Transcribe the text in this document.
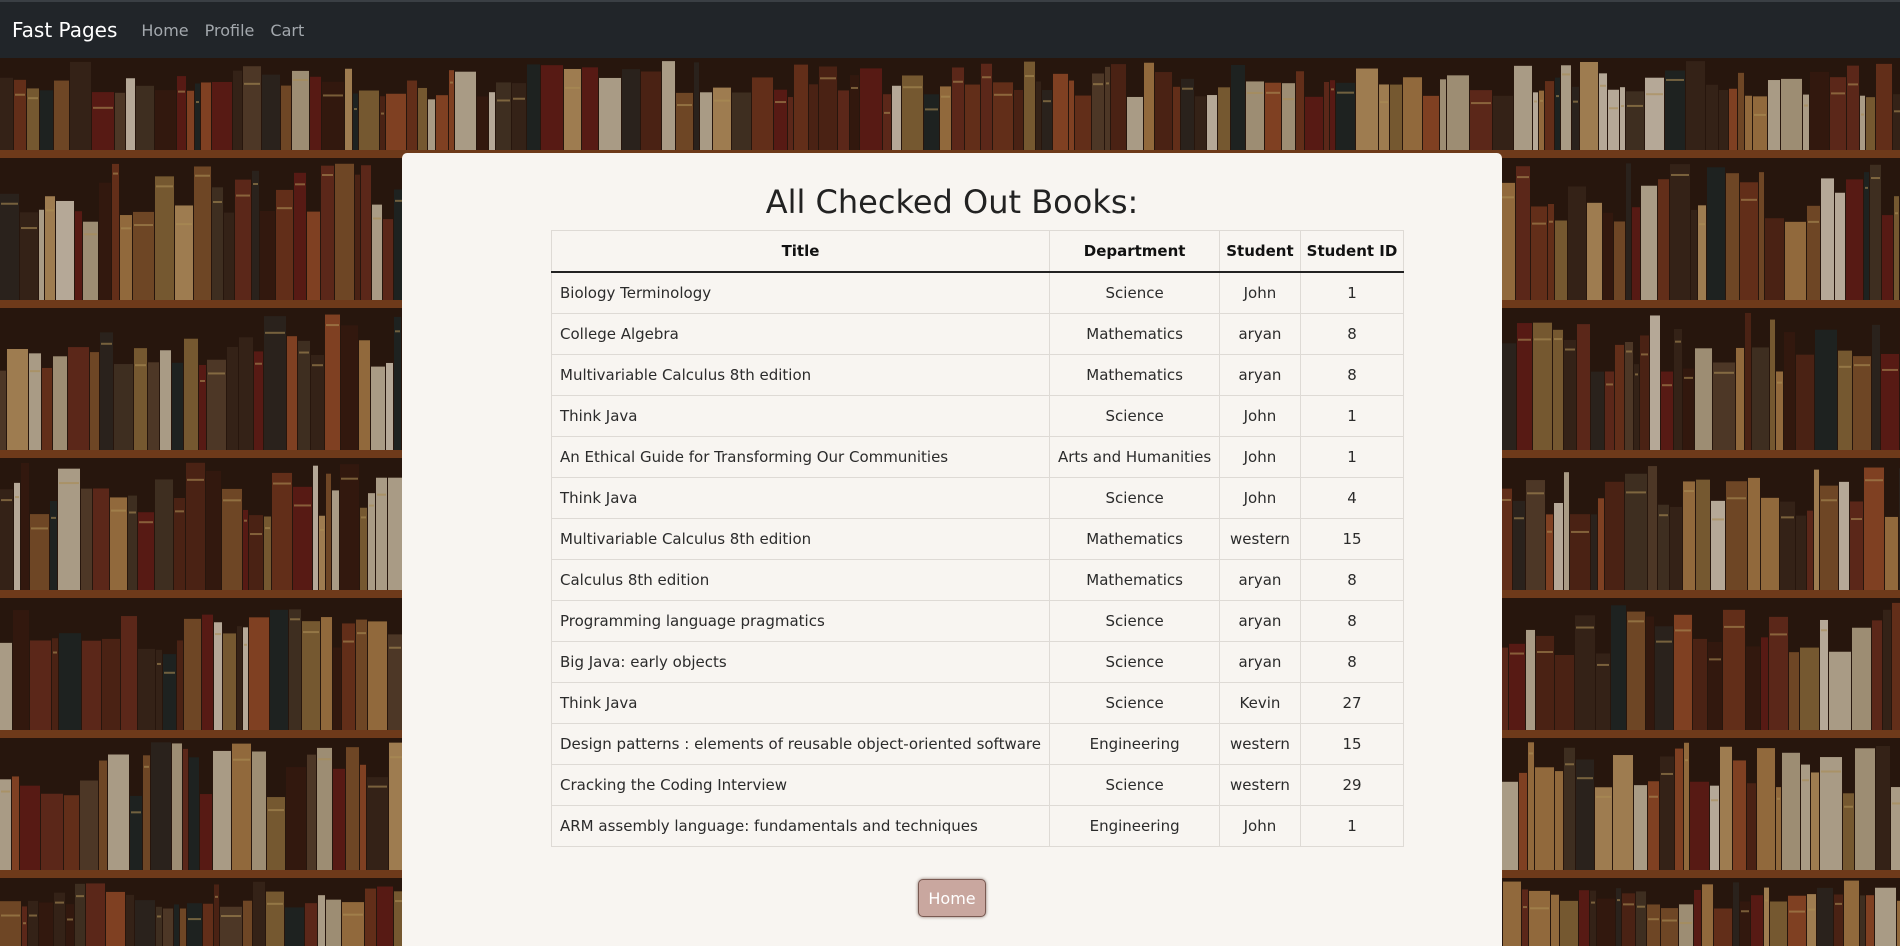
Fast Pages Home Profile Cart
All Checked Out Books:
Title	Department	Student	Student ID
Biology Terminology	Science	John	1
College Algebra	Mathematics	aryan	8
Multivariable Calculus 8th edition	Mathematics	aryan	8
Think Java	Science	John	1
An Ethical Guide for Transforming Our Communities	Arts and Humanities	John	1
Think Java	Science	John	4
Multivariable Calculus 8th edition	Mathematics	western	15
Calculus 8th edition	Mathematics	aryan	8
Programming language pragmatics	Science	aryan	8
Big Java: early objects	Science	aryan	8
Think Java	Science	Kevin	27
Design patterns : elements of reusable object-oriented software	Engineering	western	15
Cracking the Coding Interview	Science	western	29
ARM assembly language: fundamentals and techniques	Engineering	John	1
Home
